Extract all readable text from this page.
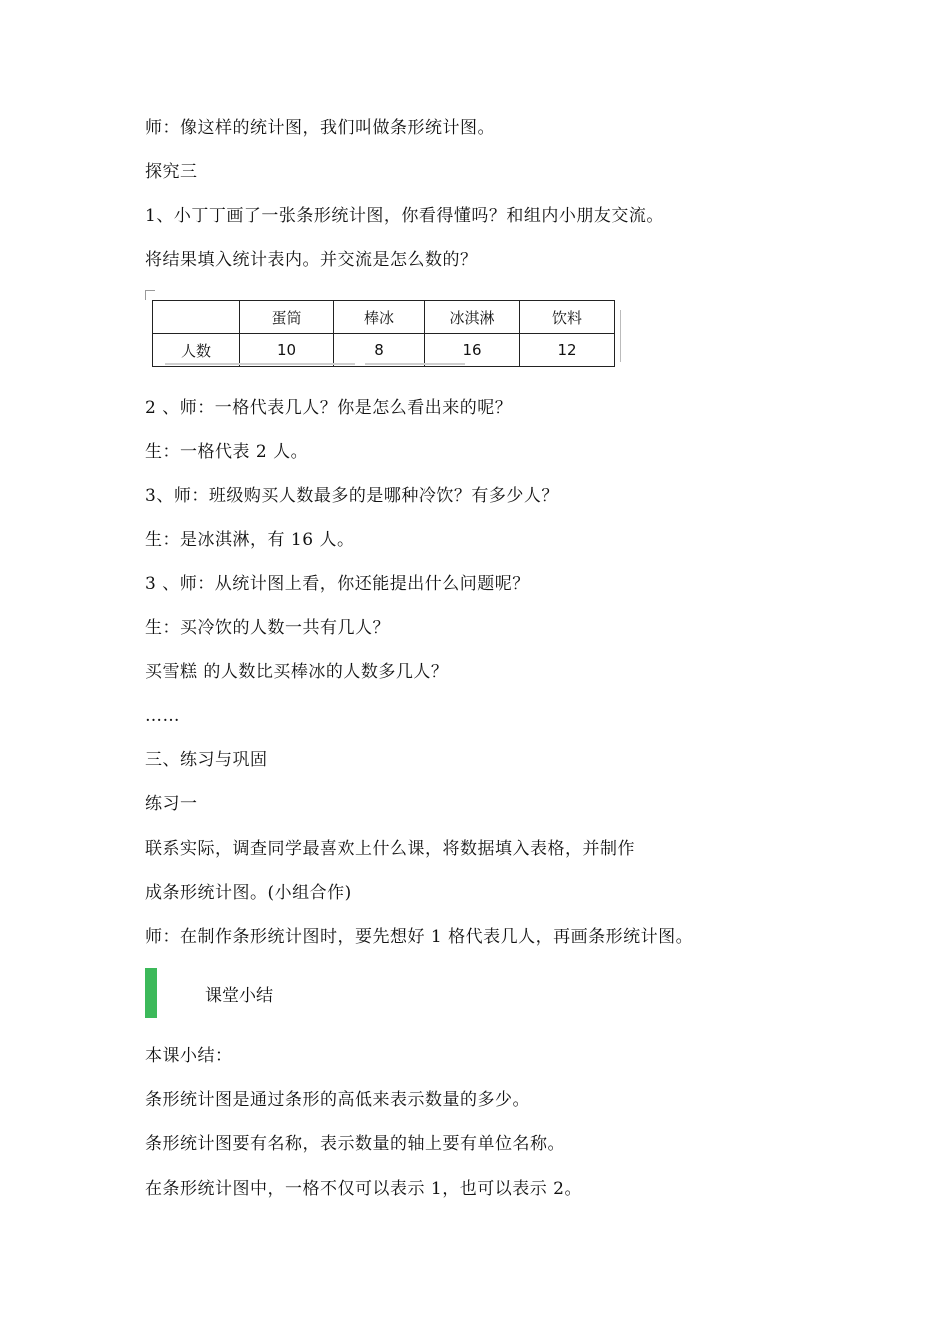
师：像这样的统计图，我们叫做条形统计图。
探究三
1、小丁丁画了一张条形统计图，你看得懂吗？和组内小朋友交流。
将结果填入统计表内。并交流是怎么数的？
	蛋筒	棒冰	冰淇淋	饮料
人数	10	8	16	12
2 、师：一格代表几人？你是怎么看出来的呢？
生：一格代表 2 人。
3、师：班级购买人数最多的是哪种冷饮？有多少人？
生：是冰淇淋，有 16 人。
3 、师：从统计图上看，你还能提出什么问题呢？
生：买冷饮的人数一共有几人？
买雪糕 的人数比买棒冰的人数多几人？
……
三、练习与巩固
练习一
联系实际，调查同学最喜欢上什么课，将数据填入表格，并制作
成条形统计图。(小组合作)
师：在制作条形统计图时，要先想好 1 格代表几人，再画条形统计图。
课堂小结
本课小结：
条形统计图是通过条形的高低来表示数量的多少。
条形统计图要有名称，表示数量的轴上要有单位名称。
在条形统计图中，一格不仅可以表示 1，也可以表示 2。
